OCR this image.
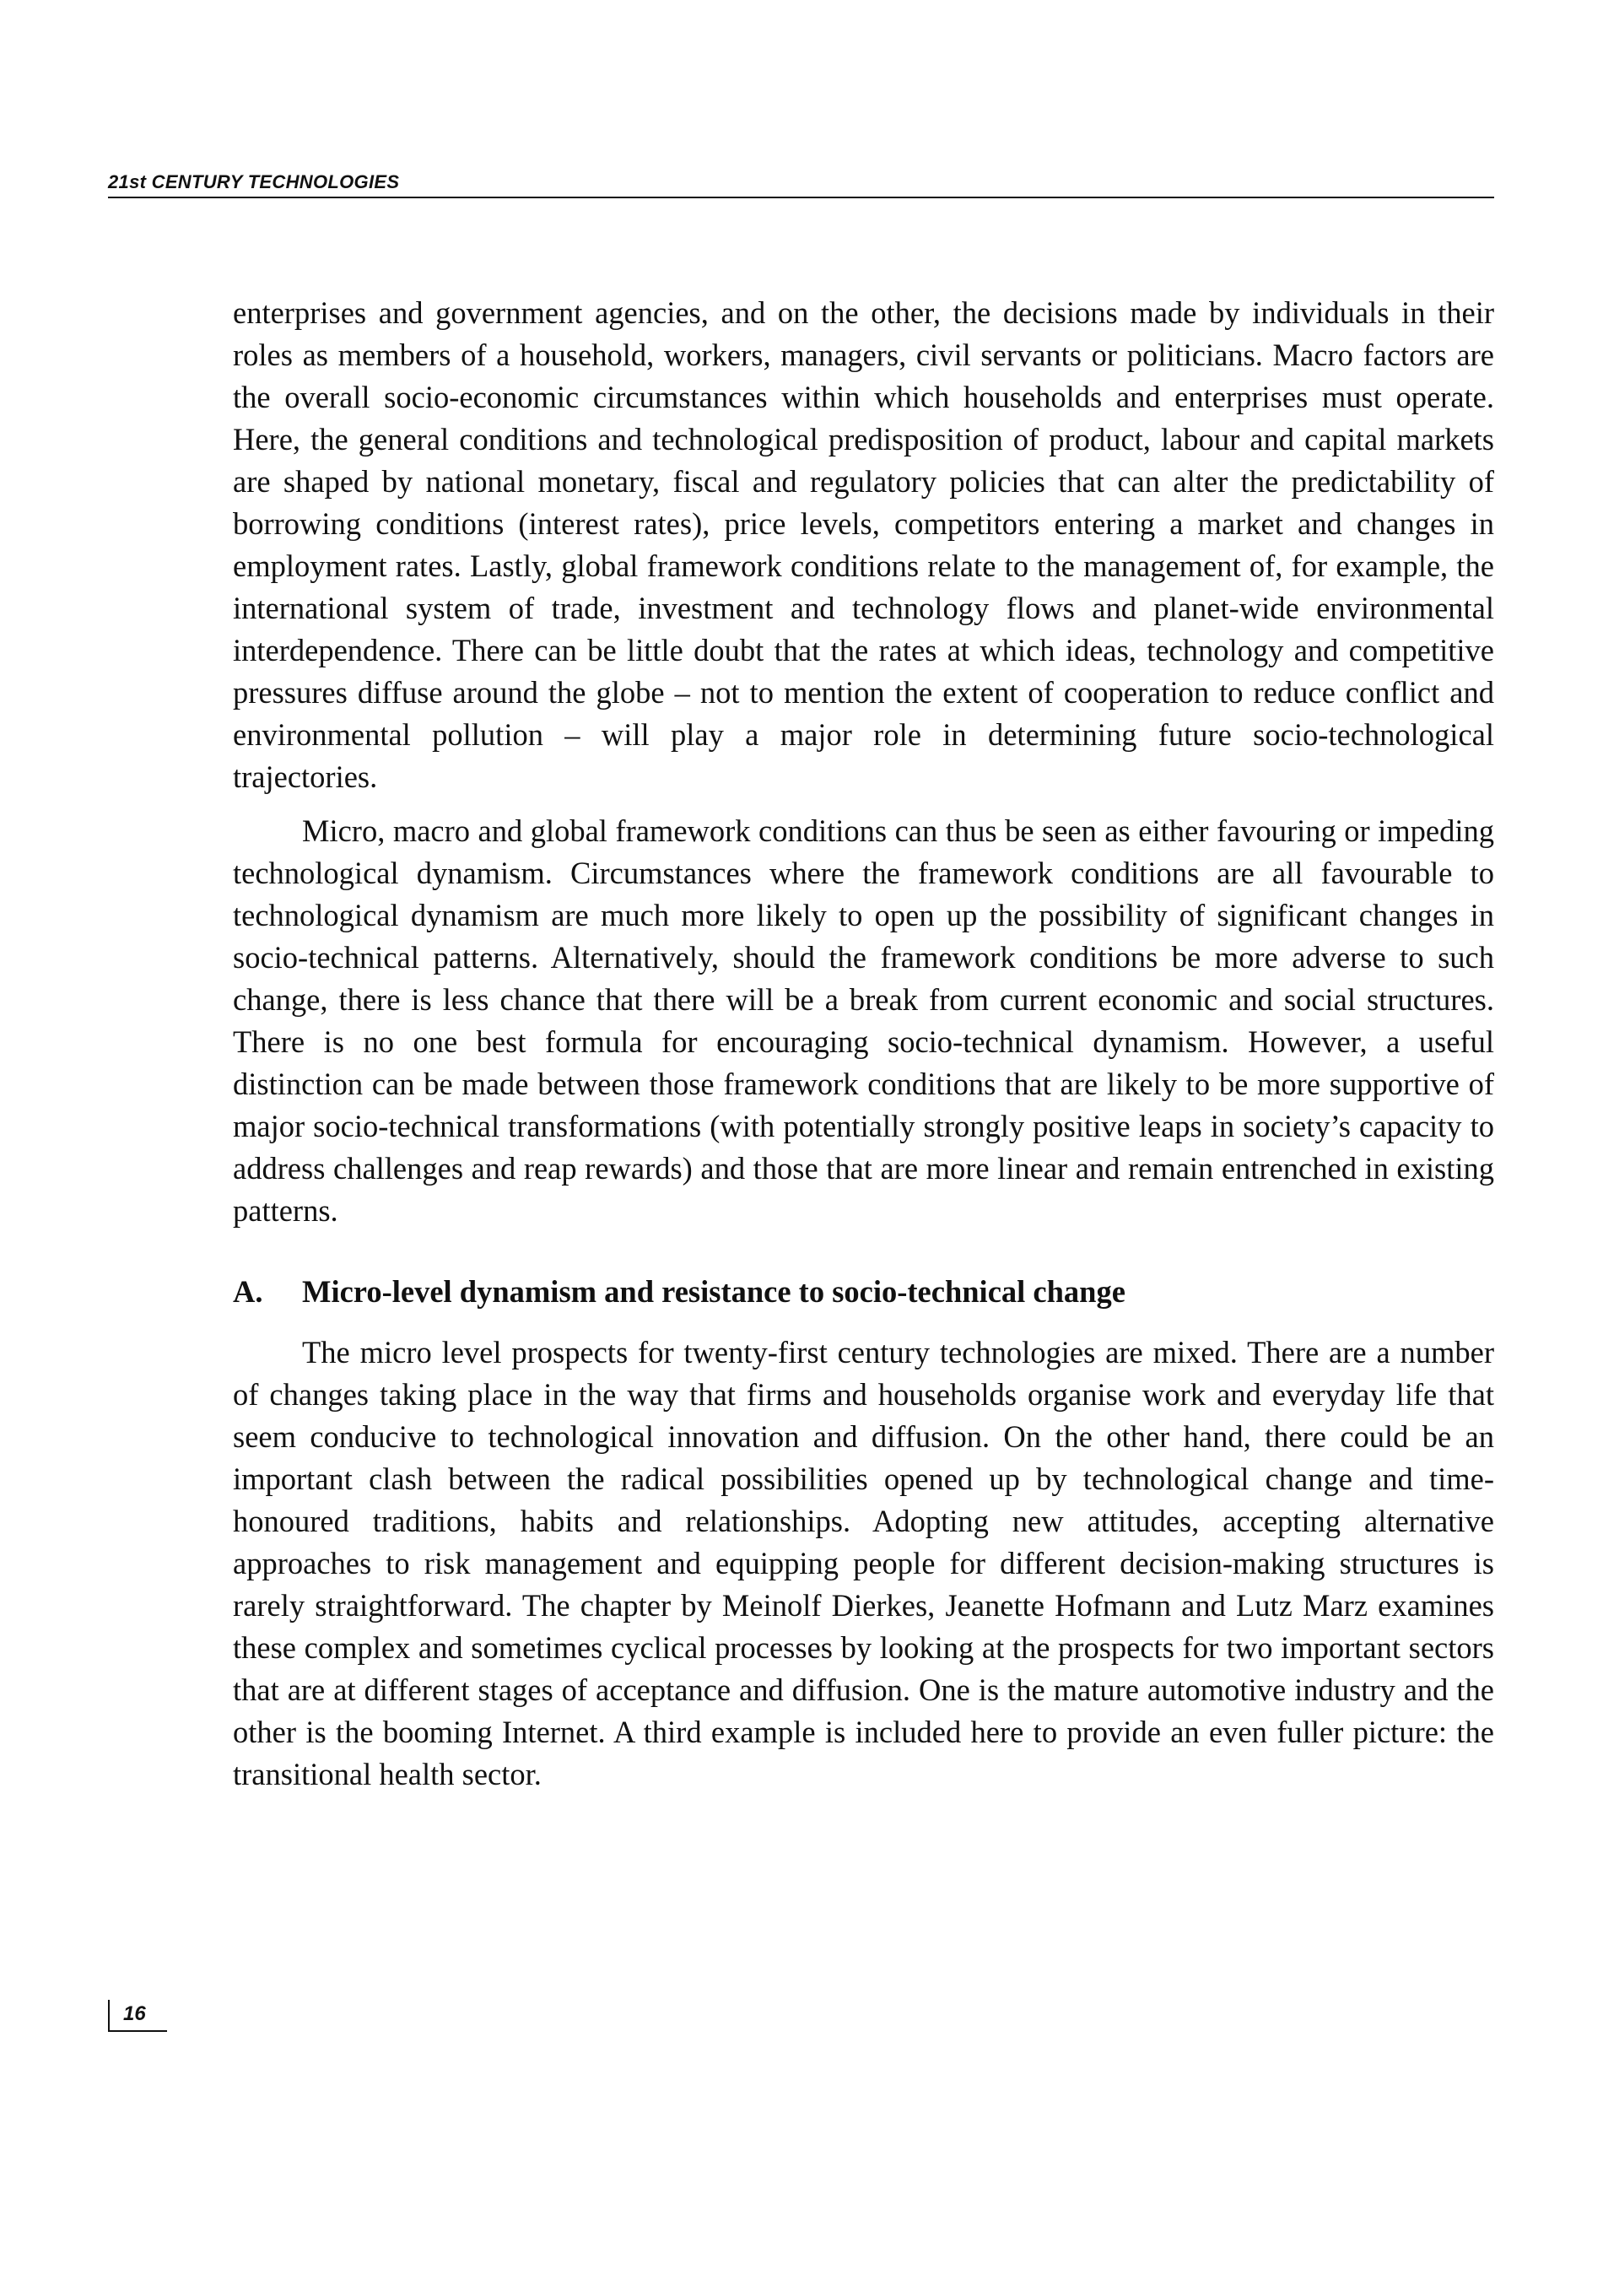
21st CENTURY TECHNOLOGIES

enterprises and government agencies, and on the other, the decisions made by individuals in their roles as members of a household, workers, managers, civil servants or politicians. Macro factors are the overall socio-economic circumstances within which households and enterprises must operate. Here, the general conditions and technological predisposition of product, labour and capital markets are shaped by national monetary, fiscal and regulatory policies that can alter the predictability of borrowing conditions (interest rates), price levels, competitors entering a market and changes in employment rates. Lastly, global framework conditions relate to the management of, for example, the international system of trade, investment and technology flows and planet-wide environmental interdependence. There can be little doubt that the rates at which ideas, technology and competitive pressures diffuse around the globe – not to mention the extent of cooperation to reduce conflict and environmental pollution – will play a major role in determining future socio-technological trajectories.

Micro, macro and global framework conditions can thus be seen as either favouring or impeding technological dynamism. Circumstances where the framework conditions are all favourable to technological dynamism are much more likely to open up the possibility of significant changes in socio-technical patterns. Alternatively, should the framework conditions be more adverse to such change, there is less chance that there will be a break from current economic and social structures. There is no one best formula for encouraging socio-technical dynamism. However, a useful distinction can be made between those framework conditions that are likely to be more supportive of major socio-technical transformations (with potentially strongly positive leaps in society’s capacity to address challenges and reap rewards) and those that are more linear and remain entrenched in existing patterns.

A. Micro-level dynamism and resistance to socio-technical change

The micro level prospects for twenty-first century technologies are mixed. There are a number of changes taking place in the way that firms and households organise work and everyday life that seem conducive to technological innovation and diffusion. On the other hand, there could be an important clash between the radical possibilities opened up by technological change and time-honoured traditions, habits and relationships. Adopting new attitudes, accepting alternative approaches to risk management and equipping people for different decision-making structures is rarely straightforward. The chapter by Meinolf Dierkes, Jeanette Hofmann and Lutz Marz examines these complex and sometimes cyclical processes by looking at the prospects for two important sectors that are at different stages of acceptance and diffusion. One is the mature automotive industry and the other is the booming Internet. A third example is included here to provide an even fuller picture: the transitional health sector.

16
